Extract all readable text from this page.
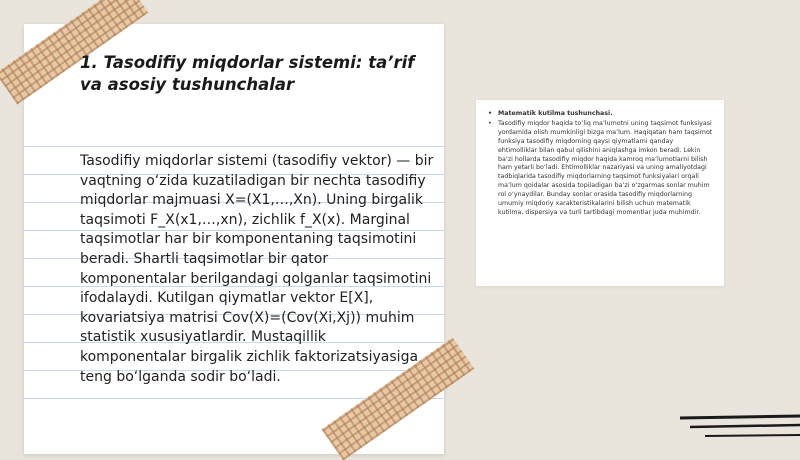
1. Tasodifiy miqdorlar sistemi: ta’rif va asosiy tushunchalar

Tasodifiy miqdorlar sistemi (tasodifiy vektor) — bir vaqtning o‘zida kuzatiladigan bir nechta tasodifiy miqdorlar majmuasi X=(X1,…,Xn). Uning birgalik taqsimoti F_X(x1,…,xn), zichlik f_X(x). Marginal taqsimotlar har bir komponentaning taqsimotini beradi. Shartli taqsimotlar bir qator komponentalar berilgandagi qolganlar taqsimotini ifodalaydi. Kutilgan qiymatlar vektor E[X], kovariatsiya matrisi Cov(X)=(Cov(Xi,Xj)) muhim statistik xususiyatlardir. Mustaqillik komponentalar birgalik zichlik faktorizatsiyasiga teng bo‘lganda sodir bo‘ladi.

• Matematik kutilma tushunchasi.
• Tasodifiy miqdor haqida to‘liq ma’lumotni uning taqsimot funksiyasi yordamida olish mumkinligi bizga ma’lum. Haqiqatan ham taqsimot funksiya tasodifiy miqdorning qaysi qiymatlarni qanday ehtimolliklar bilan qabul qilishini aniqlashga imkon beradi. Lekin ba’zi hollarda tasodifiy miqdor haqida kamroq ma’lumotlarni bilish ham yetarli bo‘ladi. Ehtimolliklar nazariyasi va uning amaliyotdagi tadbiqlarida tasodifiy miqdorlarning taqsimot funksiyalari orqali ma’lum qoidalar asosida topiladigan ba’zi o‘zgarmas sonlar muhim rol o‘ynaydilar. Bunday sonlar orasida tasodifiy miqdorlarning umumiy miqdoriy xarakteristikalarini bilish uchun matematik kutilma, dispersiya va turli tartibdagi momentlar juda muhimdir.
